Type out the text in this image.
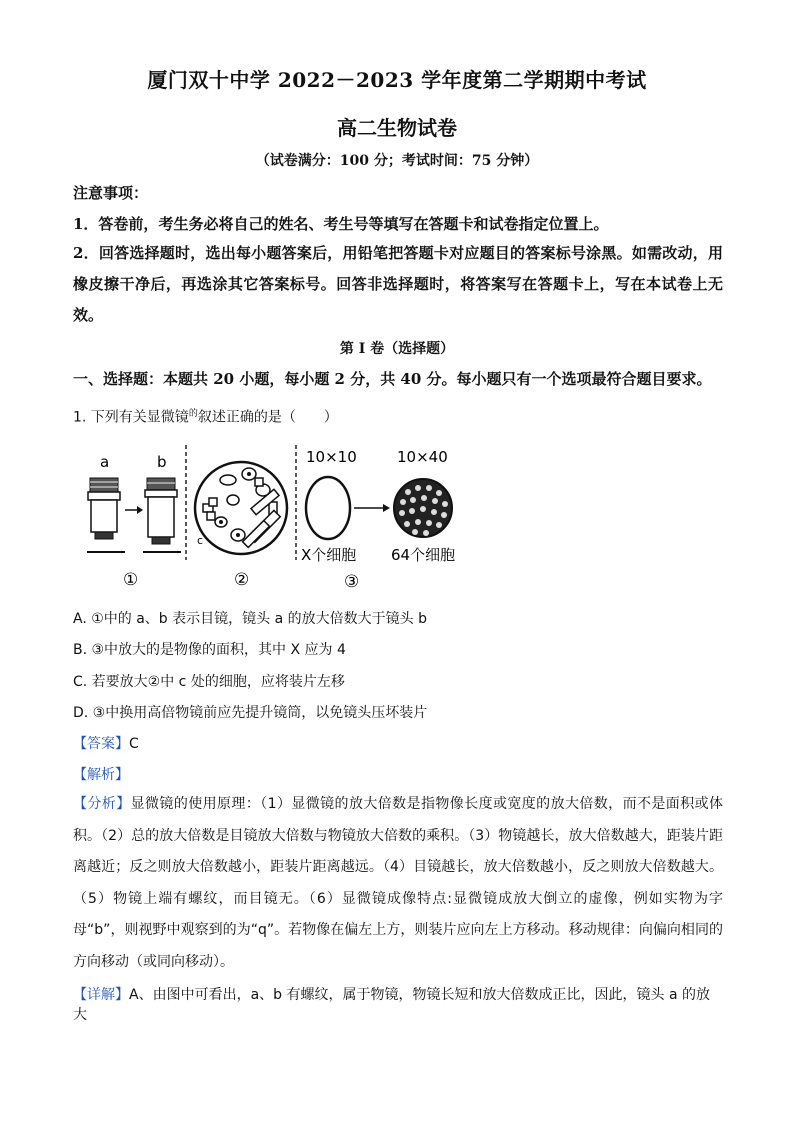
厦门双十中学 2022－2023 学年度第二学期期中考试
高二生物试卷
（试卷满分：100 分；考试时间：75 分钟）
注意事项：
1．答卷前，考生务必将自己的姓名、考生号等填写在答题卡和试卷指定位置上。
2．回答选择题时，选出每小题答案后，用铅笔把答题卡对应题目的答案标号涂黑。如需改动，用橡皮擦干净后，再选涂其它答案标号。回答非选择题时，将答案写在答题卡上，写在本试卷上无效。
第 I 卷（选择题）
一、选择题：本题共 20 小题，每小题 2 分，共 40 分。每小题只有一个选项最符合题目要求。
1. 下列有关显微镜$^的$叙述正确的是（　　）
a	b
①
c
②
10×10	10×40
X个细胞 64个细胞
③
A. ①中的 a、b 表示目镜，镜头 a 的放大倍数大于镜头 b
B. ③中放大的是物像的面积，其中 X 应为 4
C. 若要放大②中 c 处的细胞，应将装片左移
D. ③中换用高倍物镜前应先提升镜筒，以免镜头压坏装片
【答案】C
【解析】
【分析】显微镜的使用原理：（1）显微镜的放大倍数是指物像长度或宽度的放大倍数，而不是面积或体积。（2）总的放大倍数是目镜放大倍数与物镜放大倍数的乘积。（3）物镜越长，放大倍数越大，距装片距离越近；反之则放大倍数越小，距装片距离越远。（4）目镜越长，放大倍数越小，反之则放大倍数越大。（5）物镜上端有螺纹，而目镜无。（6）显微镜成像特点:显微镜成放大倒立的虚像，例如实物为字母“b”，则视野中观察到的为“q”。若物像在偏左上方，则装片应向左上方移动。移动规律：向偏向相同的方向移动（或同向移动）。
【详解】A、由图中可看出，a、b 有螺纹，属于物镜，物镜长短和放大倍数成正比，因此，镜头 a 的放大
